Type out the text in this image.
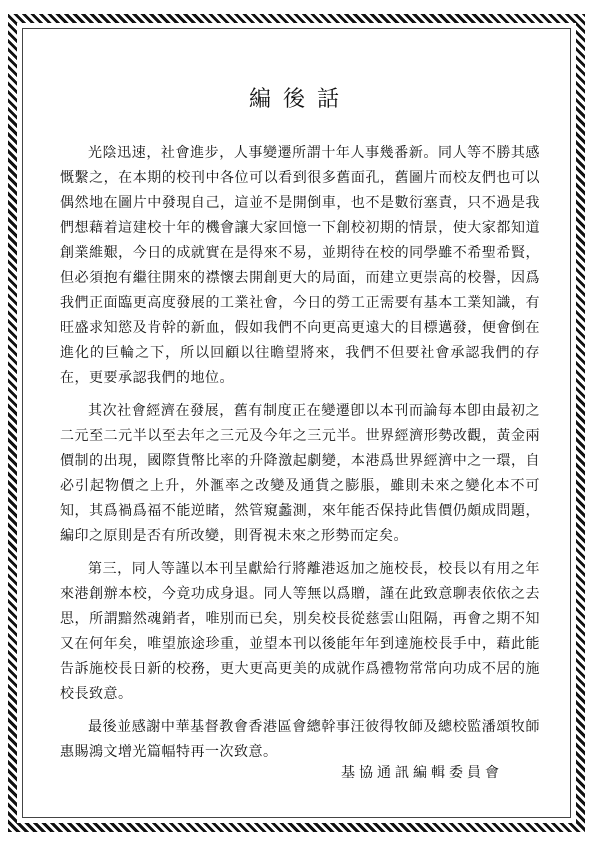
編後話

光陰迅速，社會進步，人事變遷所謂十年人事幾番新。同人等不勝其感慨繫之，在本期的校刊中各位可以看到很多舊面孔，舊圖片而校友們也可以偶然地在圖片中發現自己，這並不是開倒車，也不是數衍塞責，只不過是我們想藉着這建校十年的機會讓大家回憶一下創校初期的情景，使大家都知道創業維艱，今日的成就實在是得來不易，並期待在校的同學雖不希聖希賢，但必須抱有繼往開來的襟懷去開創更大的局面，而建立更崇高的校譽，因爲我們正面臨更高度發展的工業社會，今日的勞工正需要有基本工業知識，有旺盛求知慾及肯幹的新血，假如我們不向更高更遠大的目標邁發，便會倒在進化的巨輪之下，所以回顧以往瞻望將來，我們不但要社會承認我們的存在，更要承認我們的地位。

其次社會經濟在發展，舊有制度正在變遷卽以本刊而論每本卽由最初之二元至二元半以至去年之三元及今年之三元半。世界經濟形勢改觀，黃金兩價制的出現，國際貨幣比率的升降激起劇變，本港爲世界經濟中之一環，自必引起物價之上升，外滙率之改變及通貨之膨脹，雖則未來之變化本不可知，其爲禍爲福不能逆睹，然管窺蠡測，來年能否保持此售價仍頗成問題，編印之原則是否有所改變，則胥視未來之形勢而定矣。

第三，同人等謹以本刊呈獻給行將離港返加之施校長，校長以有用之年來港創辦本校，今竟功成身退。同人等無以爲贈，謹在此致意聊表依依之去思，所謂黯然魂銷者，唯別而已矣，別矣校長從慈雲山阻隔，再會之期不知又在何年矣，唯望旅途珍重，並望本刊以後能年年到達施校長手中，藉此能告訴施校長日新的校務，更大更高更美的成就作爲禮物常常向功成不居的施校長致意。

最後並感謝中華基督教會香港區會總幹事汪彼得牧師及總校監潘頌牧師惠賜鴻文增光篇幅特再一次致意。

基協通訊編輯委員會
